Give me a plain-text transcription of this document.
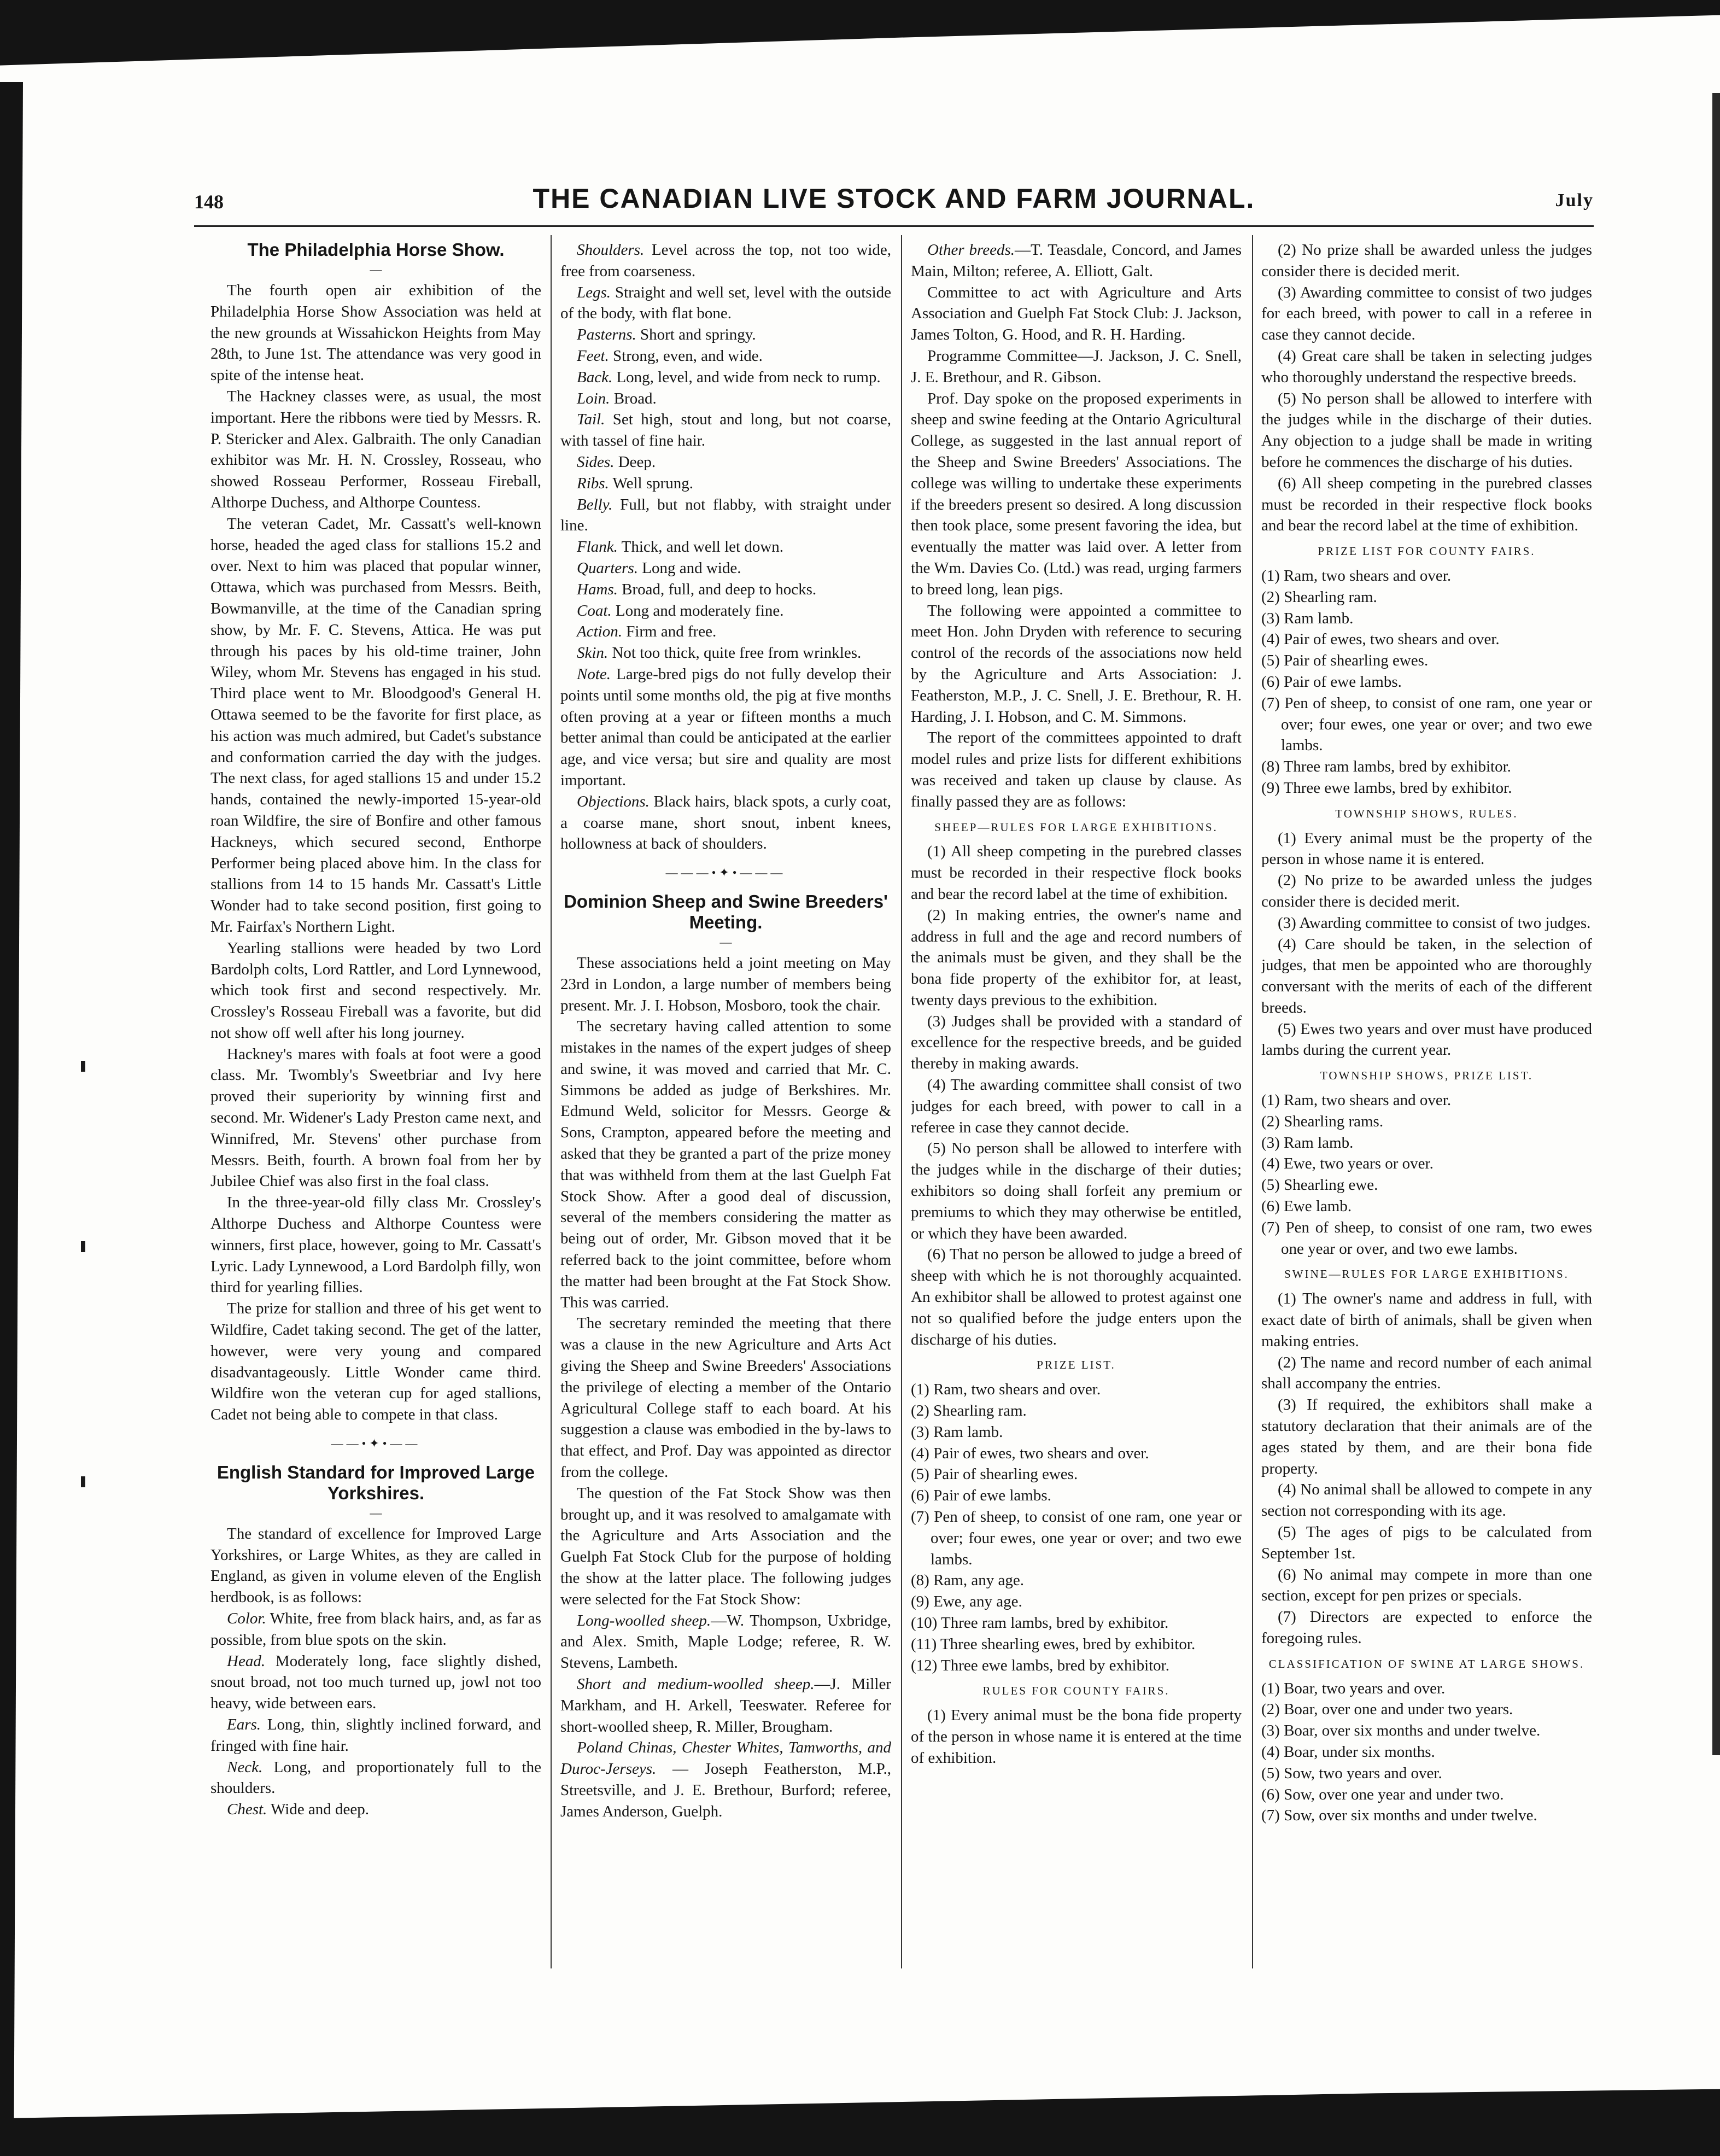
148	THE CANADIAN LIVE STOCK AND FARM JOURNAL.	July
The Philadelphia Horse Show.
—

The fourth open air exhibition of the Philadelphia Horse Show Association was held at the new grounds at Wissahickon Heights from May 28th, to June 1st. The attendance was very good in spite of the intense heat.

The Hackney classes were, as usual, the most important. Here the ribbons were tied by Messrs. R. P. Stericker and Alex. Galbraith. The only Canadian exhibitor was Mr. H. N. Crossley, Rosseau, who showed Rosseau Performer, Rosseau Fireball, Althorpe Duchess, and Althorpe Countess.

The veteran Cadet, Mr. Cassatt's well-known horse, headed the aged class for stallions 15.2 and over. Next to him was placed that popular winner, Ottawa, which was purchased from Messrs. Beith, Bowmanville, at the time of the Canadian spring show, by Mr. F. C. Stevens, Attica. He was put through his paces by his old-time trainer, John Wiley, whom Mr. Stevens has engaged in his stud. Third place went to Mr. Bloodgood's General H. Ottawa seemed to be the favorite for first place, as his action was much admired, but Cadet's substance and conformation carried the day with the judges. The next class, for aged stallions 15 and under 15.2 hands, contained the newly-imported 15-year-old roan Wildfire, the sire of Bonfire and other famous Hackneys, which secured second, Enthorpe Performer being placed above him. In the class for stallions from 14 to 15 hands Mr. Cassatt's Little Wonder had to take second position, first going to Mr. Fairfax's Northern Light.

Yearling stallions were headed by two Lord Bardolph colts, Lord Rattler, and Lord Lynnewood, which took first and second respectively. Mr. Crossley's Rosseau Fireball was a favorite, but did not show off well after his long journey.

Hackney's mares with foals at foot were a good class. Mr. Twombly's Sweetbriar and Ivy here proved their superiority by winning first and second. Mr. Widener's Lady Preston came next, and Winnifred, Mr. Stevens' other purchase from Messrs. Beith, fourth. A brown foal from her by Jubilee Chief was also first in the foal class.

In the three-year-old filly class Mr. Crossley's Althorpe Duchess and Althorpe Countess were winners, first place, however, going to Mr. Cassatt's Lyric. Lady Lynnewood, a Lord Bardolph filly, won third for yearling fillies.

The prize for stallion and three of his get went to Wildfire, Cadet taking second. The get of the latter, however, were very young and compared disadvantageously. Little Wonder came third. Wildfire won the veteran cup for aged stallions, Cadet not being able to compete in that class.

——•✦•——
English Standard for Improved Large Yorkshires.
—

The standard of excellence for Improved Large Yorkshires, or Large Whites, as they are called in England, as given in volume eleven of the English herdbook, is as follows:

Color. White, free from black hairs, and, as far as possible, from blue spots on the skin.

Head. Moderately long, face slightly dished, snout broad, not too much turned up, jowl not too heavy, wide between ears.

Ears. Long, thin, slightly inclined forward, and fringed with fine hair.

Neck. Long, and proportionately full to the shoulders.

Chest. Wide and deep.

Shoulders. Level across the top, not too wide, free from coarseness.

Legs. Straight and well set, level with the outside of the body, with flat bone.

Pasterns. Short and springy.

Feet. Strong, even, and wide.

Back. Long, level, and wide from neck to rump.

Loin. Broad.

Tail. Set high, stout and long, but not coarse, with tassel of fine hair.

Sides. Deep.

Ribs. Well sprung.

Belly. Full, but not flabby, with straight under line.

Flank. Thick, and well let down.

Quarters. Long and wide.

Hams. Broad, full, and deep to hocks.

Coat. Long and moderately fine.

Action. Firm and free.

Skin. Not too thick, quite free from wrinkles.

Note. Large-bred pigs do not fully develop their points until some months old, the pig at five months often proving at a year or fifteen months a much better animal than could be anticipated at the earlier age, and vice versa; but sire and quality are most important.

Objections. Black hairs, black spots, a curly coat, a coarse mane, short snout, inbent knees, hollowness at back of shoulders.

———•✦•———
Dominion Sheep and Swine Breeders' Meeting.
—

These associations held a joint meeting on May 23rd in London, a large number of members being present. Mr. J. I. Hobson, Mosboro, took the chair.

The secretary having called attention to some mistakes in the names of the expert judges of sheep and swine, it was moved and carried that Mr. C. Simmons be added as judge of Berkshires. Mr. Edmund Weld, solicitor for Messrs. George & Sons, Crampton, appeared before the meeting and asked that they be granted a part of the prize money that was withheld from them at the last Guelph Fat Stock Show. After a good deal of discussion, several of the members considering the matter as being out of order, Mr. Gibson moved that it be referred back to the joint committee, before whom the matter had been brought at the Fat Stock Show. This was carried.

The secretary reminded the meeting that there was a clause in the new Agriculture and Arts Act giving the Sheep and Swine Breeders' Associations the privilege of electing a member of the Ontario Agricultural College staff to each board. At his suggestion a clause was embodied in the by-laws to that effect, and Prof. Day was appointed as director from the college.

The question of the Fat Stock Show was then brought up, and it was resolved to amalgamate with the Agriculture and Arts Association and the Guelph Fat Stock Club for the purpose of holding the show at the latter place. The following judges were selected for the Fat Stock Show:

Long-woolled sheep.—W. Thompson, Uxbridge, and Alex. Smith, Maple Lodge; referee, R. W. Stevens, Lambeth.

Short and medium-woolled sheep.—J. Miller Markham, and H. Arkell, Teeswater. Referee for short-woolled sheep, R. Miller, Brougham.

Poland Chinas, Chester Whites, Tamworths, and Duroc-Jerseys. — Joseph Featherston, M.P., Streetsville, and J. E. Brethour, Burford; referee, James Anderson, Guelph.

Other breeds.—T. Teasdale, Concord, and James Main, Milton; referee, A. Elliott, Galt.

Committee to act with Agriculture and Arts Association and Guelph Fat Stock Club: J. Jackson, James Tolton, G. Hood, and R. H. Harding.

Programme Committee—J. Jackson, J. C. Snell, J. E. Brethour, and R. Gibson.

Prof. Day spoke on the proposed experiments in sheep and swine feeding at the Ontario Agricultural College, as suggested in the last annual report of the Sheep and Swine Breeders' Associations. The college was willing to undertake these experiments if the breeders present so desired. A long discussion then took place, some present favoring the idea, but eventually the matter was laid over. A letter from the Wm. Davies Co. (Ltd.) was read, urging farmers to breed long, lean pigs.

The following were appointed a committee to meet Hon. John Dryden with reference to securing control of the records of the associations now held by the Agriculture and Arts Association: J. Featherston, M.P., J. C. Snell, J. E. Brethour, R. H. Harding, J. I. Hobson, and C. M. Simmons.

The report of the committees appointed to draft model rules and prize lists for different exhibitions was received and taken up clause by clause. As finally passed they are as follows:

SHEEP—RULES FOR LARGE EXHIBITIONS.

(1) All sheep competing in the purebred classes must be recorded in their respective flock books and bear the record label at the time of exhibition.

(2) In making entries, the owner's name and address in full and the age and record numbers of the animals must be given, and they shall be the bona fide property of the exhibitor for, at least, twenty days previous to the exhibition.

(3) Judges shall be provided with a standard of excellence for the respective breeds, and be guided thereby in making awards.

(4) The awarding committee shall consist of two judges for each breed, with power to call in a referee in case they cannot decide.

(5) No person shall be allowed to interfere with the judges while in the discharge of their duties; exhibitors so doing shall forfeit any premium or premiums to which they may otherwise be entitled, or which they have been awarded.

(6) That no person be allowed to judge a breed of sheep with which he is not thoroughly acquainted. An exhibitor shall be allowed to protest against one not so qualified before the judge enters upon the discharge of his duties.

PRIZE LIST.

(1) Ram, two shears and over.

(2) Shearling ram.

(3) Ram lamb.

(4) Pair of ewes, two shears and over.

(5) Pair of shearling ewes.

(6) Pair of ewe lambs.

(7) Pen of sheep, to consist of one ram, one year or over; four ewes, one year or over; and two ewe lambs.

(8) Ram, any age.

(9) Ewe, any age.

(10) Three ram lambs, bred by exhibitor.

(11) Three shearling ewes, bred by exhibitor.

(12) Three ewe lambs, bred by exhibitor.

RULES FOR COUNTY FAIRS.

(1) Every animal must be the bona fide property of the person in whose name it is entered at the time of exhibition.

(2) No prize shall be awarded unless the judges consider there is decided merit.

(3) Awarding committee to consist of two judges for each breed, with power to call in a referee in case they cannot decide.

(4) Great care shall be taken in selecting judges who thoroughly understand the respective breeds.

(5) No person shall be allowed to interfere with the judges while in the discharge of their duties. Any objection to a judge shall be made in writing before he commences the discharge of his duties.

(6) All sheep competing in the purebred classes must be recorded in their respective flock books and bear the record label at the time of exhibition.

PRIZE LIST FOR COUNTY FAIRS.

(1) Ram, two shears and over.

(2) Shearling ram.

(3) Ram lamb.

(4) Pair of ewes, two shears and over.

(5) Pair of shearling ewes.

(6) Pair of ewe lambs.

(7) Pen of sheep, to consist of one ram, one year or over; four ewes, one year or over; and two ewe lambs.

(8) Three ram lambs, bred by exhibitor.

(9) Three ewe lambs, bred by exhibitor.

TOWNSHIP SHOWS, RULES.

(1) Every animal must be the property of the person in whose name it is entered.

(2) No prize to be awarded unless the judges consider there is decided merit.

(3) Awarding committee to consist of two judges.

(4) Care should be taken, in the selection of judges, that men be appointed who are thoroughly conversant with the merits of each of the different breeds.

(5) Ewes two years and over must have produced lambs during the current year.

TOWNSHIP SHOWS, PRIZE LIST.

(1) Ram, two shears and over.

(2) Shearling rams.

(3) Ram lamb.

(4) Ewe, two years or over.

(5) Shearling ewe.

(6) Ewe lamb.

(7) Pen of sheep, to consist of one ram, two ewes one year or over, and two ewe lambs.

SWINE—RULES FOR LARGE EXHIBITIONS.

(1) The owner's name and address in full, with exact date of birth of animals, shall be given when making entries.

(2) The name and record number of each animal shall accompany the entries.

(3) If required, the exhibitors shall make a statutory declaration that their animals are of the ages stated by them, and are their bona fide property.

(4) No animal shall be allowed to compete in any section not corresponding with its age.

(5) The ages of pigs to be calculated from September 1st.

(6) No animal may compete in more than one section, except for pen prizes or specials.

(7) Directors are expected to enforce the foregoing rules.

CLASSIFICATION OF SWINE AT LARGE SHOWS.

(1) Boar, two years and over.

(2) Boar, over one and under two years.

(3) Boar, over six months and under twelve.

(4) Boar, under six months.

(5) Sow, two years and over.

(6) Sow, over one year and under two.

(7) Sow, over six months and under twelve.
